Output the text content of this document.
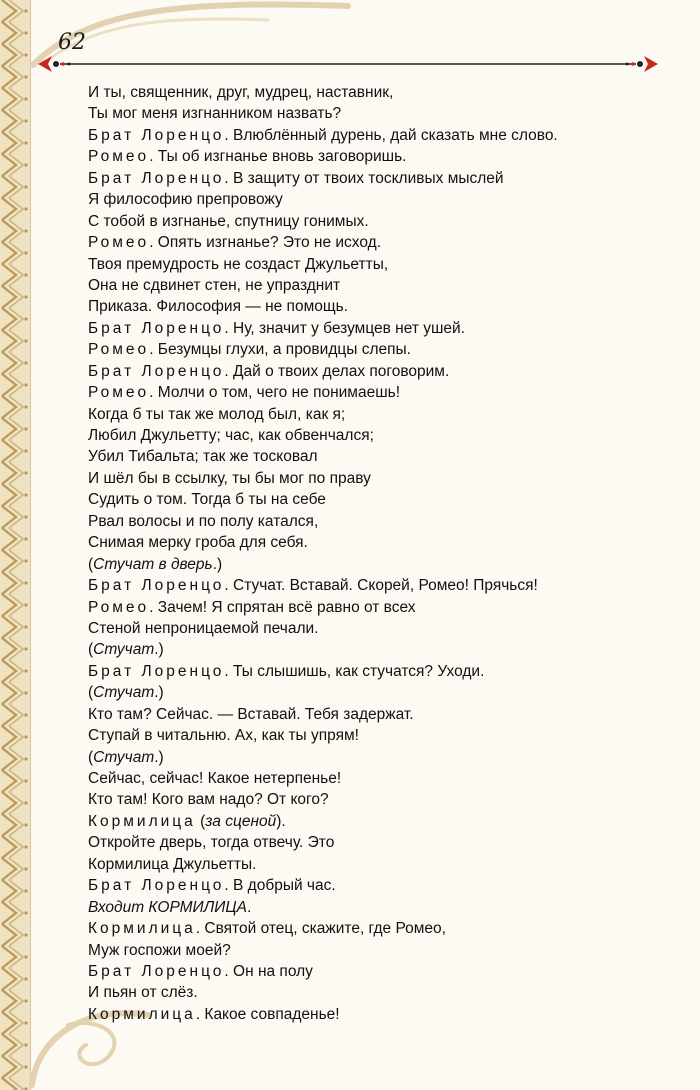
62
И ты, священник, друг, мудрец, наставник,
Ты мог меня изгнанником назвать?
Брат Лоренцо. Влюблённый дурень, дай сказать мне слово.
Ромео. Ты об изгнанье вновь заговоришь.
Брат Лоренцо. В защиту от твоих тоскливых мыслей
Я философию препровожу
С тобой в изгнанье, спутницу гонимых.
Ромео. Опять изгнанье? Это не исход.
Твоя премудрость не создаст Джульетты,
Она не сдвинет стен, не упразднит
Приказа. Философия — не помощь.
Брат Лоренцо. Ну, значит у безумцев нет ушей.
Ромео. Безумцы глухи, а провидцы слепы.
Брат Лоренцо. Дай о твоих делах поговорим.
Ромео. Молчи о том, чего не понимаешь!
Когда б ты так же молод был, как я;
Любил Джульетту; час, как обвенчался;
Убил Тибальта; так же тосковал
И шёл бы в ссылку, ты бы мог по праву
Судить о том. Тогда б ты на себе
Рвал волосы и по полу катался,
Снимая мерку гроба для себя.
(Стучат в дверь.)
Брат Лоренцо. Стучат. Вставай. Скорей, Ромео! Прячься!
Ромео. Зачем! Я спрятан всё равно от всех
Стеной непроницаемой печали.
(Стучат.)
Брат Лоренцо. Ты слышишь, как стучатся? Уходи.
(Стучат.)
Кто там? Сейчас. — Вставай. Тебя задержат.
Ступай в читальню. Ах, как ты упрям!
(Стучат.)
Сейчас, сейчас! Какое нетерпенье!
Кто там! Кого вам надо? От кого?
Кормилица (за сценой).
Откройте дверь, тогда отвечу. Это
Кормилица Джульетты.
Брат Лоренцо. В добрый час.
Входит КОРМИЛИЦА.
Кормилица. Святой отец, скажите, где Ромео,
Муж госпожи моей?
Брат Лоренцо. Он на полу
И пьян от слёз.
Кормилица. Какое совпаденье!
